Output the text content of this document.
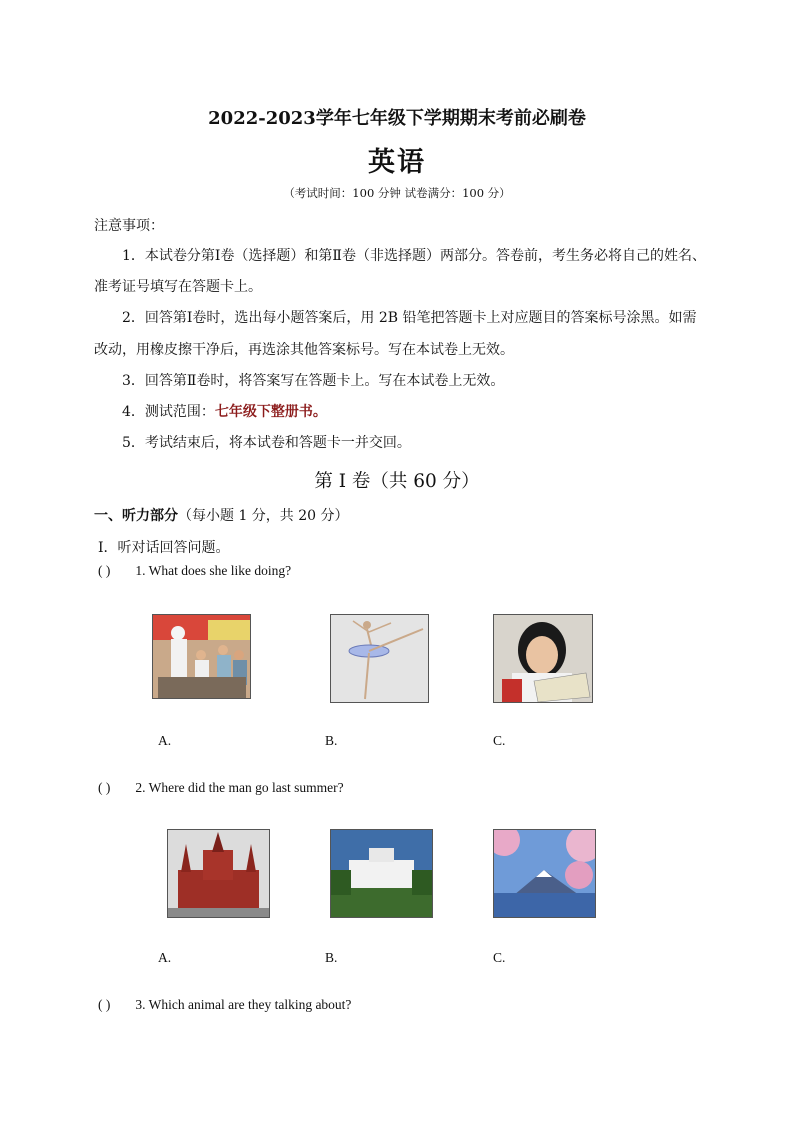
2022-2023学年七年级下学期期末考前必刷卷
英语
（考试时间：100 分钟 试卷满分：100 分）
注意事项：
1．本试卷分第Ⅰ卷（选择题）和第Ⅱ卷（非选择题）两部分。答卷前，考生务必将自己的姓名、
准考证号填写在答题卡上。
2．回答第Ⅰ卷时，选出每小题答案后，用 2B 铅笔把答题卡上对应题目的答案标号涂黑。如需
改动，用橡皮擦干净后，再选涂其他答案标号。写在本试卷上无效。
3．回答第Ⅱ卷时，将答案写在答题卡上。写在本试卷上无效。
4．测试范围：七年级下整册书。
5．考试结束后，将本试卷和答题卡一并交回。
第 I 卷（共 60 分）
一、听力部分（每小题 1 分，共 20 分）
I．听对话回答问题。
( ) 1. What does she like doing?
A.	B.	C.
( ) 2. Where did the man go last summer?
A.	B.	C.
( ) 3. Which animal are they talking about?
